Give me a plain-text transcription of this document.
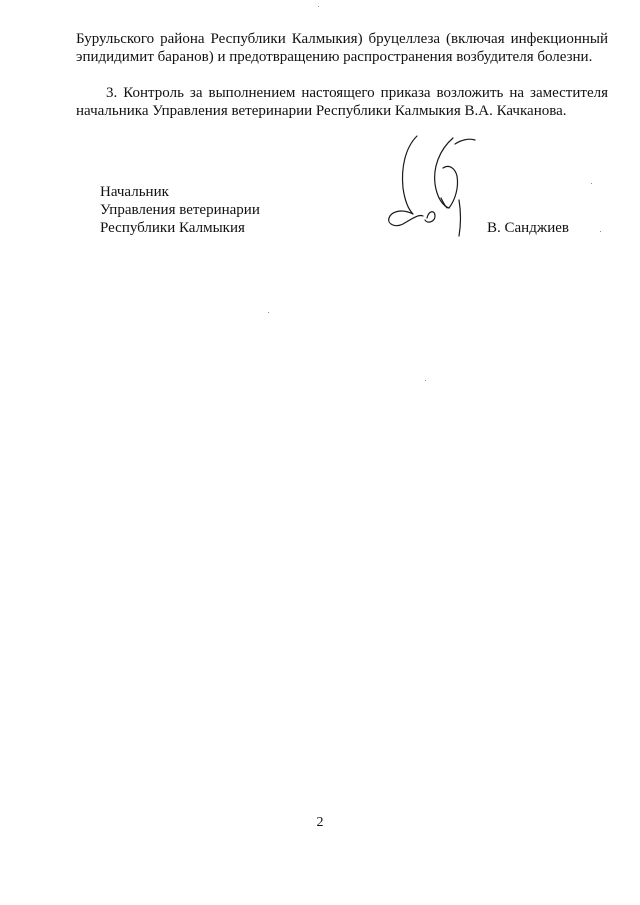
Бурульского района Республики Калмыкия) бруцеллеза (включая инфекционный эпидидимит баранов) и предотвращению распространения возбудителя болезни.

3. Контроль за выполнением настоящего приказа возложить на заместителя начальника Управления ветеринарии Республики Калмыкия В.А. Качканова.

Начальник
Управления ветеринарии
Республики Калмыкия	В. Санджиев
2
